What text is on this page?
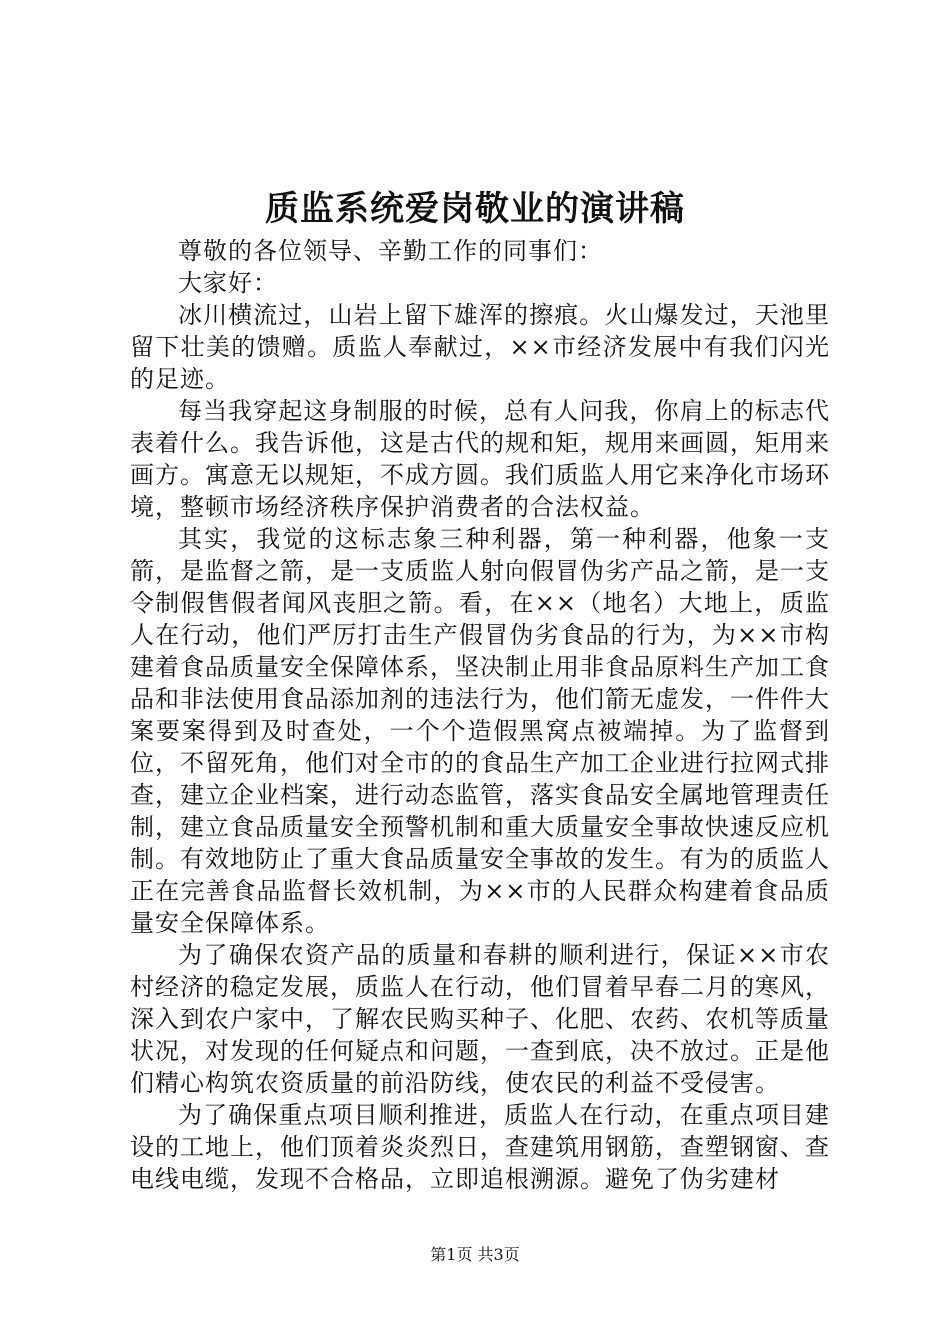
质监系统爱岗敬业的演讲稿

尊敬的各位领导、辛勤工作的同事们：

大家好：

冰川横流过，山岩上留下雄浑的擦痕。火山爆发过，天池里留下壮美的馈赠。质监人奉献过，××市经济发展中有我们闪光的足迹。

每当我穿起这身制服的时候，总有人问我，你肩上的标志代表着什么。我告诉他，这是古代的规和矩，规用来画圆，矩用来画方。寓意无以规矩，不成方圆。我们质监人用它来净化市场环境，整顿市场经济秩序保护消费者的合法权益。

其实，我觉的这标志象三种利器，第一种利器，他象一支箭，是监督之箭，是一支质监人射向假冒伪劣产品之箭，是一支令制假售假者闻风丧胆之箭。看，在××（地名）大地上，质监人在行动，他们严厉打击生产假冒伪劣食品的行为，为××市构建着食品质量安全保障体系，坚决制止用非食品原料生产加工食品和非法使用食品添加剂的违法行为，他们箭无虚发，一件件大案要案得到及时查处，一个个造假黑窝点被端掉。为了监督到位，不留死角，他们对全市的的食品生产加工企业进行拉网式排查，建立企业档案，进行动态监管，落实食品安全属地管理责任制，建立食品质量安全预警机制和重大质量安全事故快速反应机制。有效地防止了重大食品质量安全事故的发生。有为的质监人正在完善食品监督长效机制，为××市的人民群众构建着食品质量安全保障体系。

为了确保农资产品的质量和春耕的顺利进行，保证××市农村经济的稳定发展，质监人在行动，他们冒着早春二月的寒风，深入到农户家中，了解农民购买种子、化肥、农药、农机等质量状况，对发现的任何疑点和问题，一查到底，决不放过。正是他们精心构筑农资质量的前沿防线，使农民的利益不受侵害。

为了确保重点项目顺利推进，质监人在行动，在重点项目建设的工地上，他们顶着炎炎烈日，查建筑用钢筋，查塑钢窗、查电线电缆，发现不合格品，立即追根溯源。避免了伪劣建材

第1页 共3页
